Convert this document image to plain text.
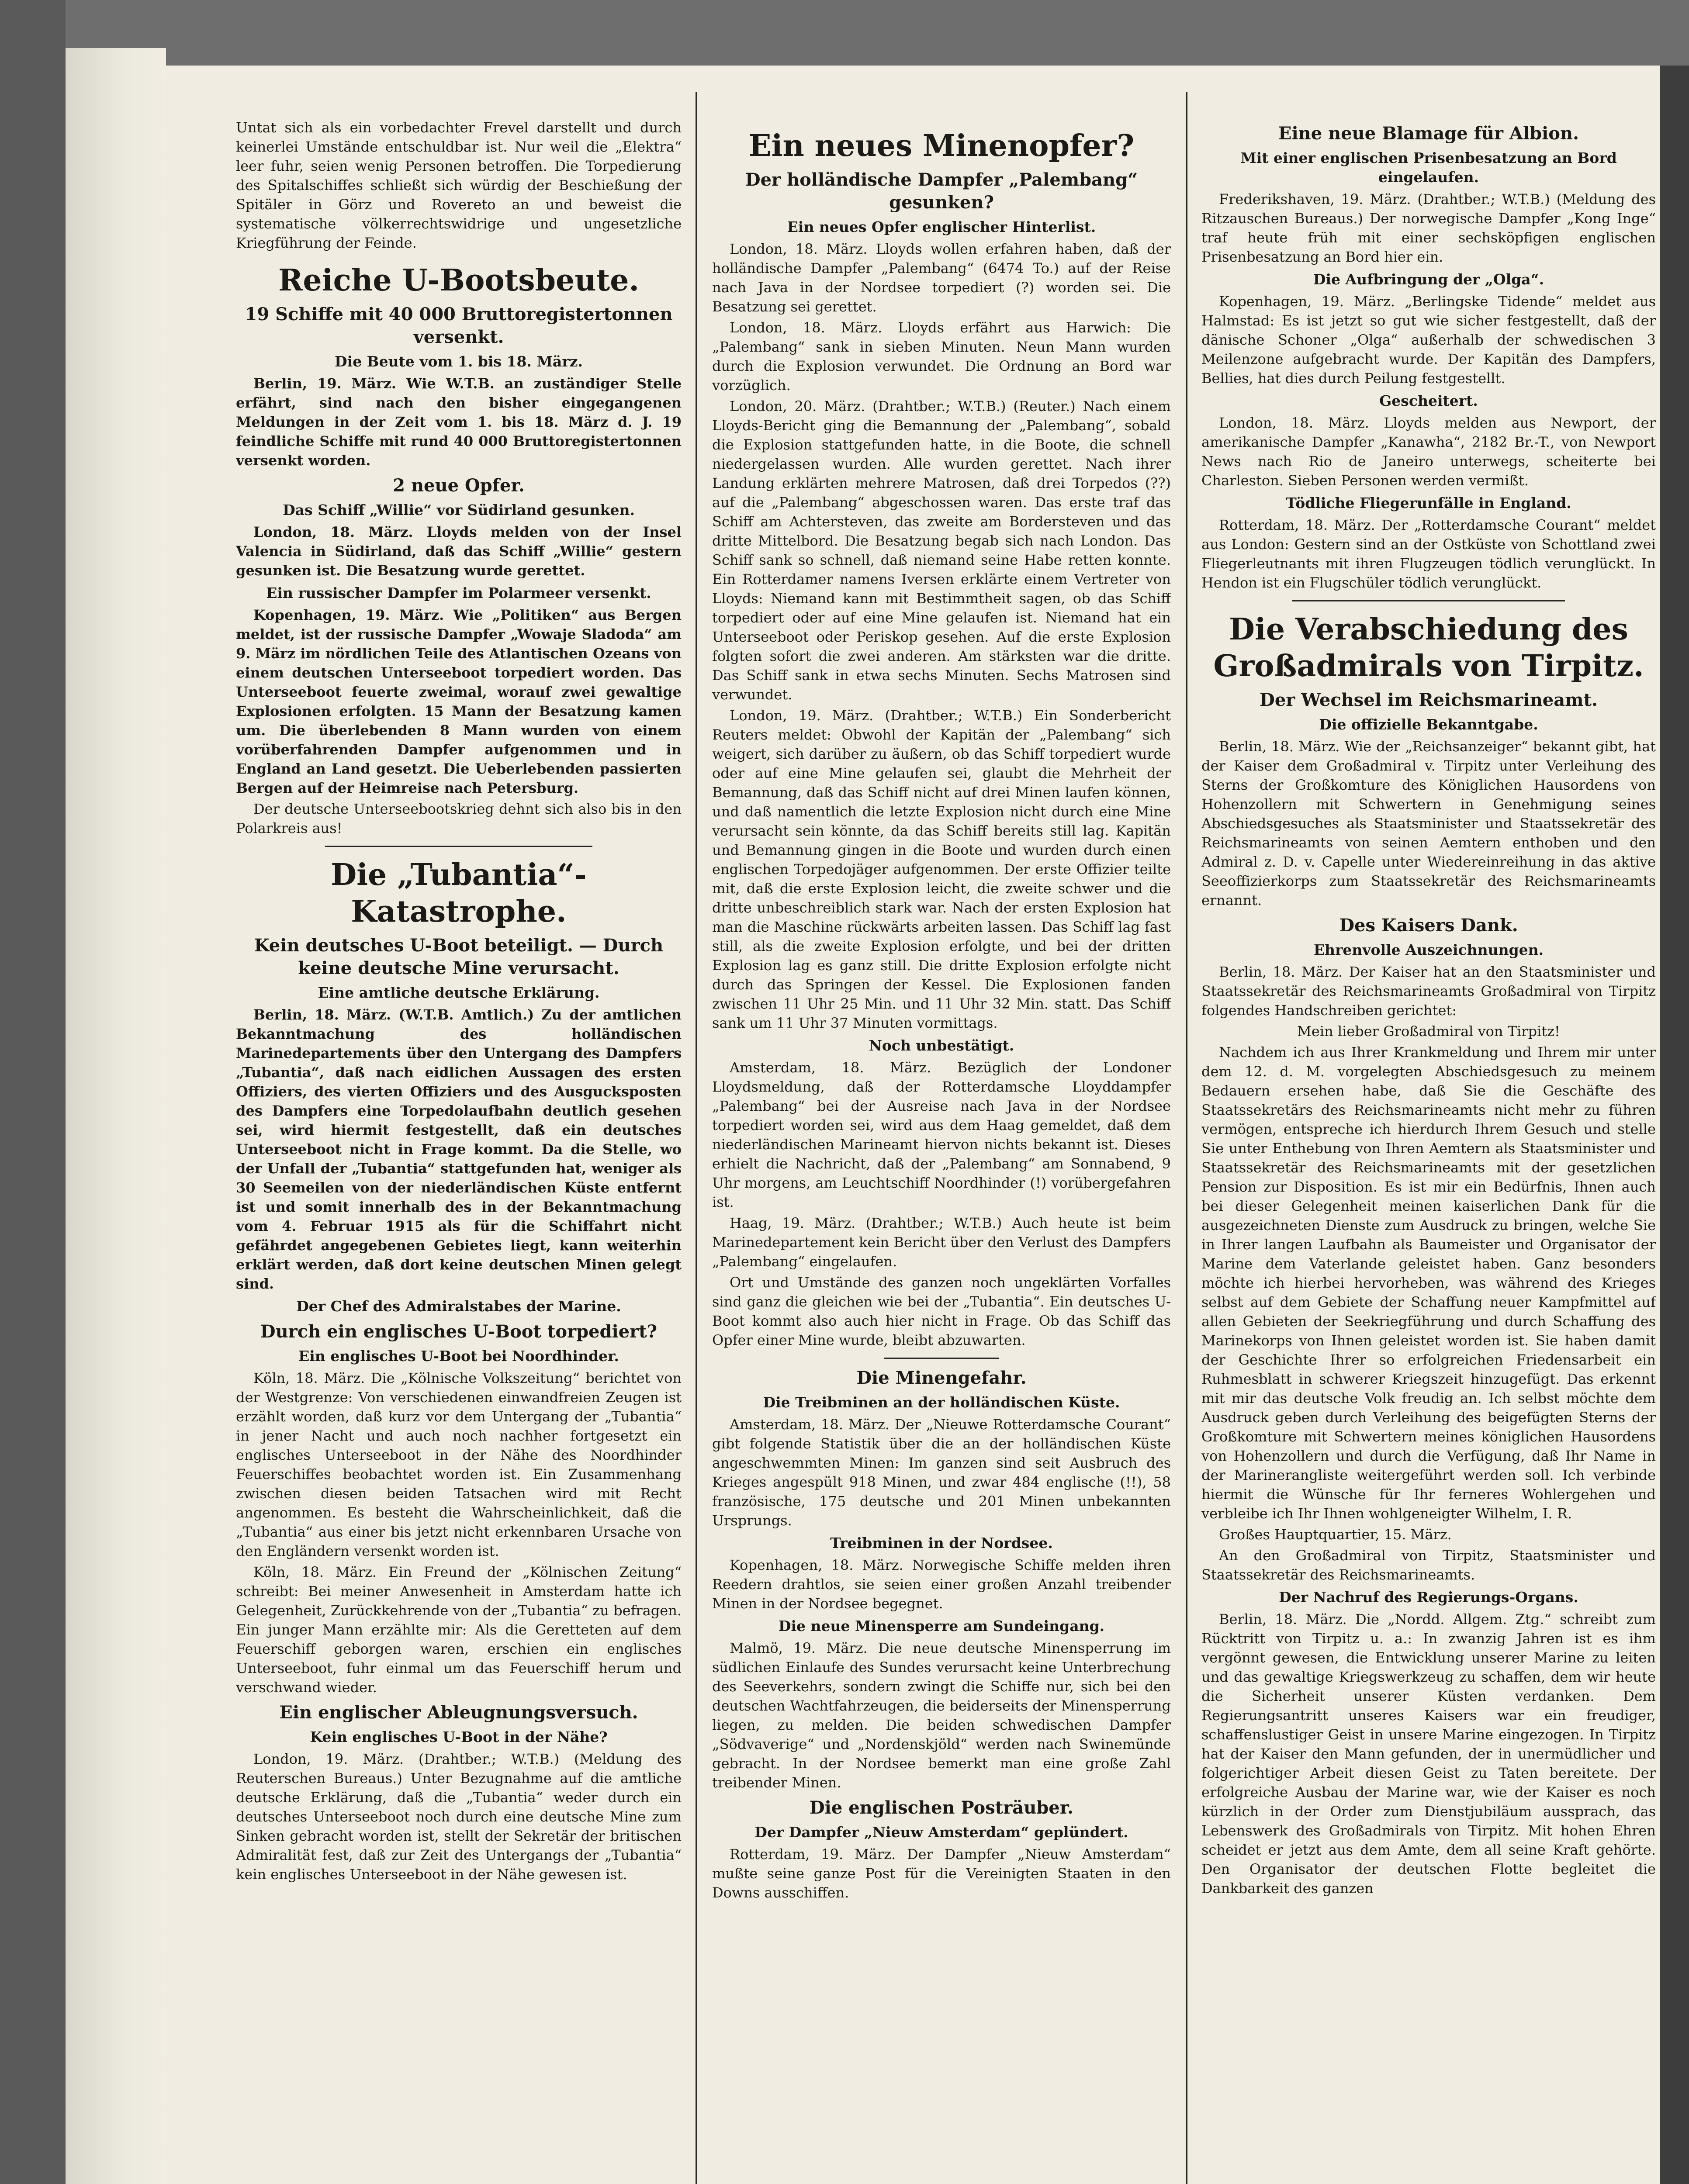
Untat sich als ein vorbedachter Frevel darstellt und durch keinerlei Umstände entschuldbar ist. Nur weil die „Elektra“ leer fuhr, seien wenig Personen betroffen. Die Torpedierung des Spitalschiffes schließt sich würdig der Beschießung der Spitäler in Görz und Rovereto an und beweist die systematische völkerrechtswidrige und ungesetzliche Kriegführung der Feinde.

Reiche U-Bootsbeute.
19 Schiffe mit 40 000 Bruttoregistertonnen versenkt.
Die Beute vom 1. bis 18. März.

Berlin, 19. März. Wie W.T.B. an zuständiger Stelle erfährt, sind nach den bisher eingegangenen Meldungen in der Zeit vom 1. bis 18. März d. J. 19 feindliche Schiffe mit rund 40 000 Bruttoregistertonnen versenkt worden.

2 neue Opfer.
Das Schiff „Willie“ vor Südirland gesunken.

London, 18. März. Lloyds melden von der Insel Valencia in Südirland, daß das Schiff „Willie“ gestern gesunken ist. Die Besatzung wurde gerettet.

Ein russischer Dampfer im Polarmeer versenkt.

Kopenhagen, 19. März. Wie „Politiken“ aus Bergen meldet, ist der russische Dampfer „Wowaje Sladoda“ am 9. März im nördlichen Teile des Atlantischen Ozeans von einem deutschen Unterseeboot torpediert worden. Das Unterseeboot feuerte zweimal, worauf zwei gewaltige Explosionen erfolgten. 15 Mann der Besatzung kamen um. Die überlebenden 8 Mann wurden von einem vorüberfahrenden Dampfer aufgenommen und in England an Land gesetzt. Die Ueberlebenden passierten Bergen auf der Heimreise nach Petersburg.

Der deutsche Unterseebootskrieg dehnt sich also bis in den Polarkreis aus!

Die „Tubantia“-Katastrophe.
Kein deutsches U-Boot beteiligt. — Durch keine deutsche Mine verursacht.
Eine amtliche deutsche Erklärung.

Berlin, 18. März. (W.T.B. Amtlich.) Zu der amtlichen Bekanntmachung des holländischen Marinedepartements über den Untergang des Dampfers „Tubantia“, daß nach eidlichen Aussagen des ersten Offiziers, des vierten Offiziers und des Ausgucksposten des Dampfers eine Torpedolaufbahn deutlich gesehen sei, wird hiermit festgestellt, daß ein deutsches Unterseeboot nicht in Frage kommt. Da die Stelle, wo der Unfall der „Tubantia“ stattgefunden hat, weniger als 30 Seemeilen von der niederländischen Küste entfernt ist und somit innerhalb des in der Bekanntmachung vom 4. Februar 1915 als für die Schiffahrt nicht gefährdet angegebenen Gebietes liegt, kann weiterhin erklärt werden, daß dort keine deutschen Minen gelegt sind.

Der Chef des Admiralstabes der Marine.
Durch ein englisches U-Boot torpediert?
Ein englisches U-Boot bei Noordhinder.

Köln, 18. März. Die „Kölnische Volkszeitung“ berichtet von der Westgrenze: Von verschiedenen einwandfreien Zeugen ist erzählt worden, daß kurz vor dem Untergang der „Tubantia“ in jener Nacht und auch noch nachher fortgesetzt ein englisches Unterseeboot in der Nähe des Noordhinder Feuerschiffes beobachtet worden ist. Ein Zusammenhang zwischen diesen beiden Tatsachen wird mit Recht angenommen. Es besteht die Wahrscheinlichkeit, daß die „Tubantia“ aus einer bis jetzt nicht erkennbaren Ursache von den Engländern versenkt worden ist.

Köln, 18. März. Ein Freund der „Kölnischen Zeitung“ schreibt: Bei meiner Anwesenheit in Amsterdam hatte ich Gelegenheit, Zurückkehrende von der „Tubantia“ zu befragen. Ein junger Mann erzählte mir: Als die Geretteten auf dem Feuerschiff geborgen waren, erschien ein englisches Unterseeboot, fuhr einmal um das Feuerschiff herum und verschwand wieder.

Ein englischer Ableugnungsversuch.
Kein englisches U-Boot in der Nähe?

London, 19. März. (Drahtber.; W.T.B.) (Meldung des Reuterschen Bureaus.) Unter Bezugnahme auf die amtliche deutsche Erklärung, daß die „Tubantia“ weder durch ein deutsches Unterseeboot noch durch eine deutsche Mine zum Sinken gebracht worden ist, stellt der Sekretär der britischen Admiralität fest, daß zur Zeit des Untergangs der „Tubantia“ kein englisches Unterseeboot in der Nähe gewesen ist.

Ein neues Minenopfer?
Der holländische Dampfer „Palembang“ gesunken?
Ein neues Opfer englischer Hinterlist.

London, 18. März. Lloyds wollen erfahren haben, daß der holländische Dampfer „Palembang“ (6474 To.) auf der Reise nach Java in der Nordsee torpediert (?) worden sei. Die Besatzung sei gerettet.

London, 18. März. Lloyds erfährt aus Harwich: Die „Palembang“ sank in sieben Minuten. Neun Mann wurden durch die Explosion verwundet. Die Ordnung an Bord war vorzüglich.

London, 20. März. (Drahtber.; W.T.B.) (Reuter.) Nach einem Lloyds-Bericht ging die Bemannung der „Palembang“, sobald die Explosion stattgefunden hatte, in die Boote, die schnell niedergelassen wurden. Alle wurden gerettet. Nach ihrer Landung erklärten mehrere Matrosen, daß drei Torpedos (??) auf die „Palembang“ abgeschossen waren. Das erste traf das Schiff am Achtersteven, das zweite am Bordersteven und das dritte Mittelbord. Die Besatzung begab sich nach London. Das Schiff sank so schnell, daß niemand seine Habe retten konnte. Ein Rotterdamer namens Iversen erklärte einem Vertreter von Lloyds: Niemand kann mit Bestimmtheit sagen, ob das Schiff torpediert oder auf eine Mine gelaufen ist. Niemand hat ein Unterseeboot oder Periskop gesehen. Auf die erste Explosion folgten sofort die zwei anderen. Am stärksten war die dritte. Das Schiff sank in etwa sechs Minuten. Sechs Matrosen sind verwundet.

London, 19. März. (Drahtber.; W.T.B.) Ein Sonderbericht Reuters meldet: Obwohl der Kapitän der „Palembang“ sich weigert, sich darüber zu äußern, ob das Schiff torpediert wurde oder auf eine Mine gelaufen sei, glaubt die Mehrheit der Bemannung, daß das Schiff nicht auf drei Minen laufen können, und daß namentlich die letzte Explosion nicht durch eine Mine verursacht sein könnte, da das Schiff bereits still lag. Kapitän und Bemannung gingen in die Boote und wurden durch einen englischen Torpedojäger aufgenommen. Der erste Offizier teilte mit, daß die erste Explosion leicht, die zweite schwer und die dritte unbeschreiblich stark war. Nach der ersten Explosion hat man die Maschine rückwärts arbeiten lassen. Das Schiff lag fast still, als die zweite Explosion erfolgte, und bei der dritten Explosion lag es ganz still. Die dritte Explosion erfolgte nicht durch das Springen der Kessel. Die Explosionen fanden zwischen 11 Uhr 25 Min. und 11 Uhr 32 Min. statt. Das Schiff sank um 11 Uhr 37 Minuten vormittags.

Noch unbestätigt.

Amsterdam, 18. März. Bezüglich der Londoner Lloydsmeldung, daß der Rotterdamsche Lloyddampfer „Palembang“ bei der Ausreise nach Java in der Nordsee torpediert worden sei, wird aus dem Haag gemeldet, daß dem niederländischen Marineamt hiervon nichts bekannt ist. Dieses erhielt die Nachricht, daß der „Palembang“ am Sonnabend, 9 Uhr morgens, am Leuchtschiff Noordhinder (!) vorübergefahren ist.

Haag, 19. März. (Drahtber.; W.T.B.) Auch heute ist beim Marinedepartement kein Bericht über den Verlust des Dampfers „Palembang“ eingelaufen.

Ort und Umstände des ganzen noch ungeklärten Vorfalles sind ganz die gleichen wie bei der „Tubantia“. Ein deutsches U-Boot kommt also auch hier nicht in Frage. Ob das Schiff das Opfer einer Mine wurde, bleibt abzuwarten.

Die Minengefahr.
Die Treibminen an der holländischen Küste.

Amsterdam, 18. März. Der „Nieuwe Rotterdamsche Courant“ gibt folgende Statistik über die an der holländischen Küste angeschwemmten Minen: Im ganzen sind seit Ausbruch des Krieges angespült 918 Minen, und zwar 484 englische (!!), 58 französische, 175 deutsche und 201 Minen unbekannten Ursprungs.

Treibminen in der Nordsee.

Kopenhagen, 18. März. Norwegische Schiffe melden ihren Reedern drahtlos, sie seien einer großen Anzahl treibender Minen in der Nordsee begegnet.

Die neue Minensperre am Sundeingang.

Malmö, 19. März. Die neue deutsche Minensperrung im südlichen Einlaufe des Sundes verursacht keine Unterbrechung des Seeverkehrs, sondern zwingt die Schiffe nur, sich bei den deutschen Wachtfahrzeugen, die beiderseits der Minensperrung liegen, zu melden. Die beiden schwedischen Dampfer „Södvaverige“ und „Nordenskjöld“ werden nach Swinemünde gebracht. In der Nordsee bemerkt man eine große Zahl treibender Minen.

Die englischen Posträuber.
Der Dampfer „Nieuw Amsterdam“ geplündert.

Rotterdam, 19. März. Der Dampfer „Nieuw Amsterdam“ mußte seine ganze Post für die Vereinigten Staaten in den Downs ausschiffen.

Eine neue Blamage für Albion.
Mit einer englischen Prisenbesatzung an Bord eingelaufen.

Frederikshaven, 19. März. (Drahtber.; W.T.B.) (Meldung des Ritzauschen Bureaus.) Der norwegische Dampfer „Kong Inge“ traf heute früh mit einer sechsköpfigen englischen Prisenbesatzung an Bord hier ein.

Die Aufbringung der „Olga“.

Kopenhagen, 19. März. „Berlingske Tidende“ meldet aus Halmstad: Es ist jetzt so gut wie sicher festgestellt, daß der dänische Schoner „Olga“ außerhalb der schwedischen 3 Meilenzone aufgebracht wurde. Der Kapitän des Dampfers, Bellies, hat dies durch Peilung festgestellt.

Gescheitert.

London, 18. März. Lloyds melden aus Newport, der amerikanische Dampfer „Kanawha“, 2182 Br.-T., von Newport News nach Rio de Janeiro unterwegs, scheiterte bei Charleston. Sieben Personen werden vermißt.

Tödliche Fliegerunfälle in England.

Rotterdam, 18. März. Der „Rotterdamsche Courant“ meldet aus London: Gestern sind an der Ostküste von Schottland zwei Fliegerleutnants mit ihren Flugzeugen tödlich verunglückt. In Hendon ist ein Flugschüler tödlich verunglückt.

Die Verabschiedung des Großadmirals von Tirpitz.
Der Wechsel im Reichsmarineamt.
Die offizielle Bekanntgabe.

Berlin, 18. März. Wie der „Reichsanzeiger“ bekannt gibt, hat der Kaiser dem Großadmiral v. Tirpitz unter Verleihung des Sterns der Großkomture des Königlichen Hausordens von Hohenzollern mit Schwertern in Genehmigung seines Abschiedsgesuches als Staatsminister und Staatssekretär des Reichsmarineamts von seinen Aemtern enthoben und den Admiral z. D. v. Capelle unter Wiedereinreihung in das aktive Seeoffizierkorps zum Staatssekretär des Reichsmarineamts ernannt.

Des Kaisers Dank.
Ehrenvolle Auszeichnungen.

Berlin, 18. März. Der Kaiser hat an den Staatsminister und Staatssekretär des Reichsmarineamts Großadmiral von Tirpitz folgendes Handschreiben gerichtet:

Mein lieber Großadmiral von Tirpitz!

Nachdem ich aus Ihrer Krankmeldung und Ihrem mir unter dem 12. d. M. vorgelegten Abschiedsgesuch zu meinem Bedauern ersehen habe, daß Sie die Geschäfte des Staatssekretärs des Reichsmarineamts nicht mehr zu führen vermögen, entspreche ich hierdurch Ihrem Gesuch und stelle Sie unter Enthebung von Ihren Aemtern als Staatsminister und Staatssekretär des Reichsmarineamts mit der gesetzlichen Pension zur Disposition. Es ist mir ein Bedürfnis, Ihnen auch bei dieser Gelegenheit meinen kaiserlichen Dank für die ausgezeichneten Dienste zum Ausdruck zu bringen, welche Sie in Ihrer langen Laufbahn als Baumeister und Organisator der Marine dem Vaterlande geleistet haben. Ganz besonders möchte ich hierbei hervorheben, was während des Krieges selbst auf dem Gebiete der Schaffung neuer Kampfmittel auf allen Gebieten der Seekriegführung und durch Schaffung des Marinekorps von Ihnen geleistet worden ist. Sie haben damit der Geschichte Ihrer so erfolgreichen Friedensarbeit ein Ruhmesblatt in schwerer Kriegszeit hinzugefügt. Das erkennt mit mir das deutsche Volk freudig an. Ich selbst möchte dem Ausdruck geben durch Verleihung des beigefügten Sterns der Großkomture mit Schwertern meines königlichen Hausordens von Hohenzollern und durch die Verfügung, daß Ihr Name in der Marinerangliste weitergeführt werden soll. Ich verbinde hiermit die Wünsche für Ihr ferneres Wohlergehen und verbleibe ich Ihr Ihnen wohlgeneigter Wilhelm, I. R.

Großes Hauptquartier, 15. März.

An den Großadmiral von Tirpitz, Staatsminister und Staatssekretär des Reichsmarineamts.

Der Nachruf des Regierungs-Organs.

Berlin, 18. März. Die „Nordd. Allgem. Ztg.“ schreibt zum Rücktritt von Tirpitz u. a.: In zwanzig Jahren ist es ihm vergönnt gewesen, die Entwicklung unserer Marine zu leiten und das gewaltige Kriegswerkzeug zu schaffen, dem wir heute die Sicherheit unserer Küsten verdanken. Dem Regierungsantritt unseres Kaisers war ein freudiger, schaffenslustiger Geist in unsere Marine eingezogen. In Tirpitz hat der Kaiser den Mann gefunden, der in unermüdlicher und folgerichtiger Arbeit diesen Geist zu Taten bereitete. Der erfolgreiche Ausbau der Marine war, wie der Kaiser es noch kürzlich in der Order zum Dienstjubiläum aussprach, das Lebenswerk des Großadmirals von Tirpitz. Mit hohen Ehren scheidet er jetzt aus dem Amte, dem all seine Kraft gehörte. Den Organisator der deutschen Flotte begleitet die Dankbarkeit des ganzen
